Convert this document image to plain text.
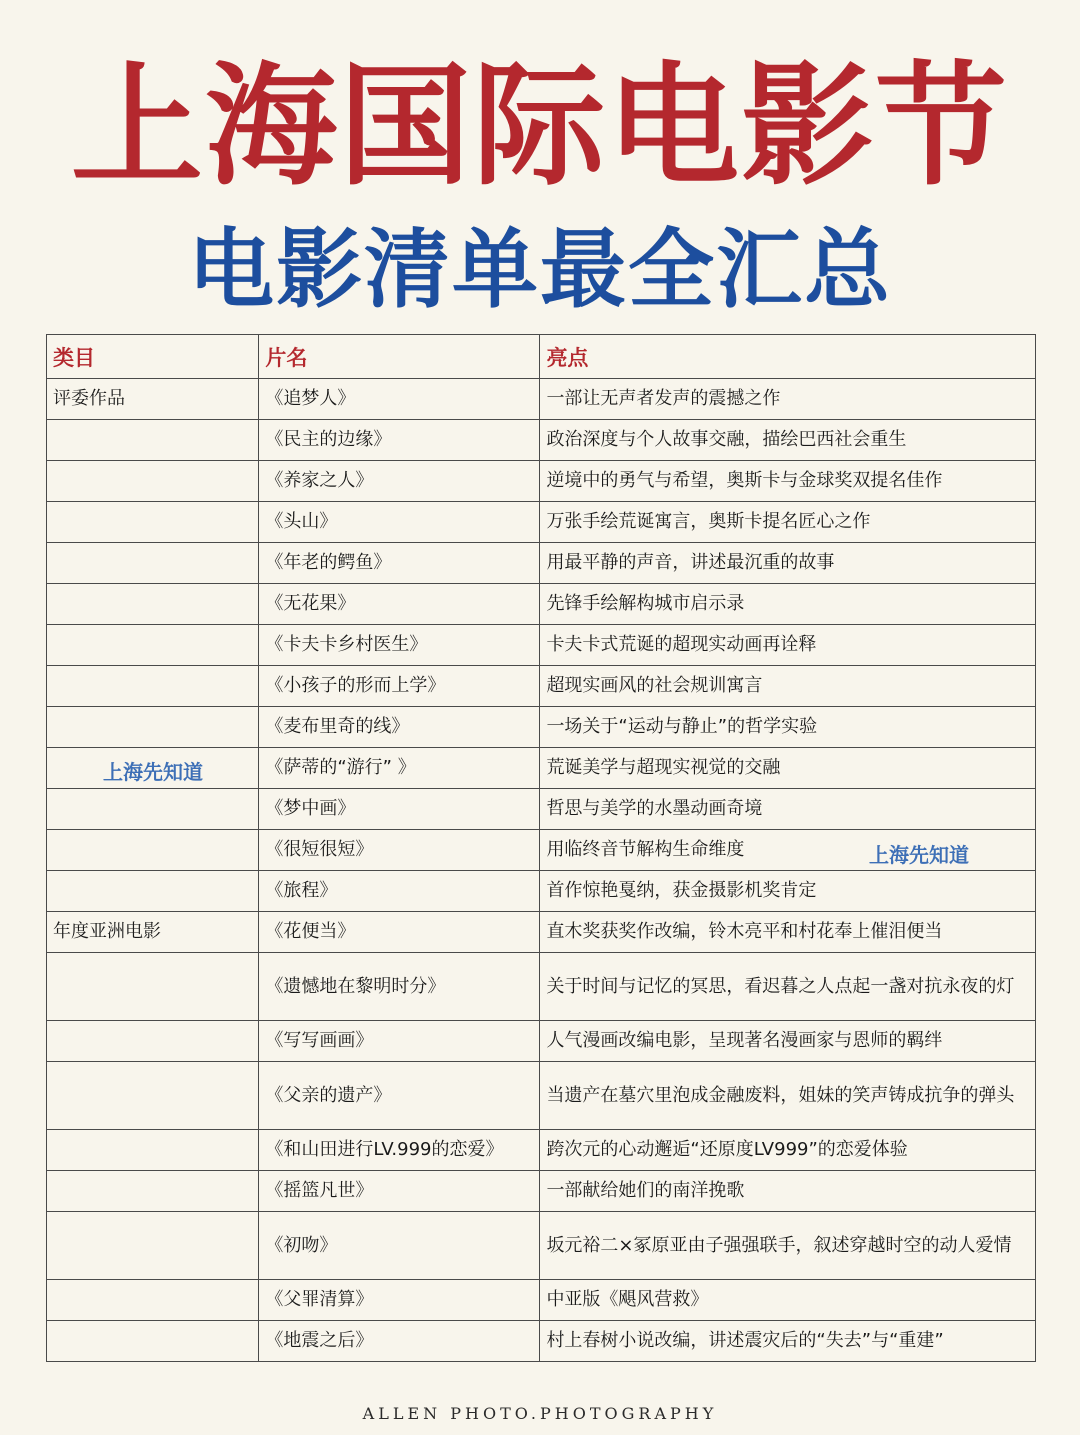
上海国际电影节
电影清单最全汇总
类目	片名	亮点
评委作品	《追梦人》	一部让无声者发声的震撼之作
	《民主的边缘》	政治深度与个人故事交融，描绘巴西社会重生
	《养家之人》	逆境中的勇气与希望，奥斯卡与金球奖双提名佳作
	《头山》	万张手绘荒诞寓言，奥斯卡提名匠心之作
	《年老的鳄鱼》	用最平静的声音，讲述最沉重的故事
	《无花果》	先锋手绘解构城市启示录
	《卡夫卡乡村医生》	卡夫卡式荒诞的超现实动画再诠释
	《小孩子的形而上学》	超现实画风的社会规训寓言
	《麦布里奇的线》	一场关于“运动与静止”的哲学实验
	《萨蒂的“游行” 》	荒诞美学与超现实视觉的交融
	《梦中画》	哲思与美学的水墨动画奇境
	《很短很短》	用临终音节解构生命维度
	《旅程》	首作惊艳戛纳，获金摄影机奖肯定
年度亚洲电影	《花便当》	直木奖获奖作改编，铃木亮平和村花奉上催泪便当
	《遗憾地在黎明时分》	关于时间与记忆的冥思，看迟暮之人点起一盏对抗永夜的灯
	《写写画画》	人气漫画改编电影，呈现著名漫画家与恩师的羁绊
	《父亲的遗产》	当遗产在墓穴里泡成金融废料，姐妹的笑声铸成抗争的弹头
	《和山田进行LV.999的恋爱》	跨次元的心动邂逅“还原度LV999”的恋爱体验
	《摇篮凡世》	一部献给她们的南洋挽歌
	《初吻》	坂元裕二×冢原亚由子强强联手，叙述穿越时空的动人爱情
	《父罪清算》	中亚版《飓风营救》
	《地震之后》	村上春树小说改编，讲述震灾后的“失去”与“重建”
上海先知道
上海先知道
ALLEN PHOTO.PHOTOGRAPHY
